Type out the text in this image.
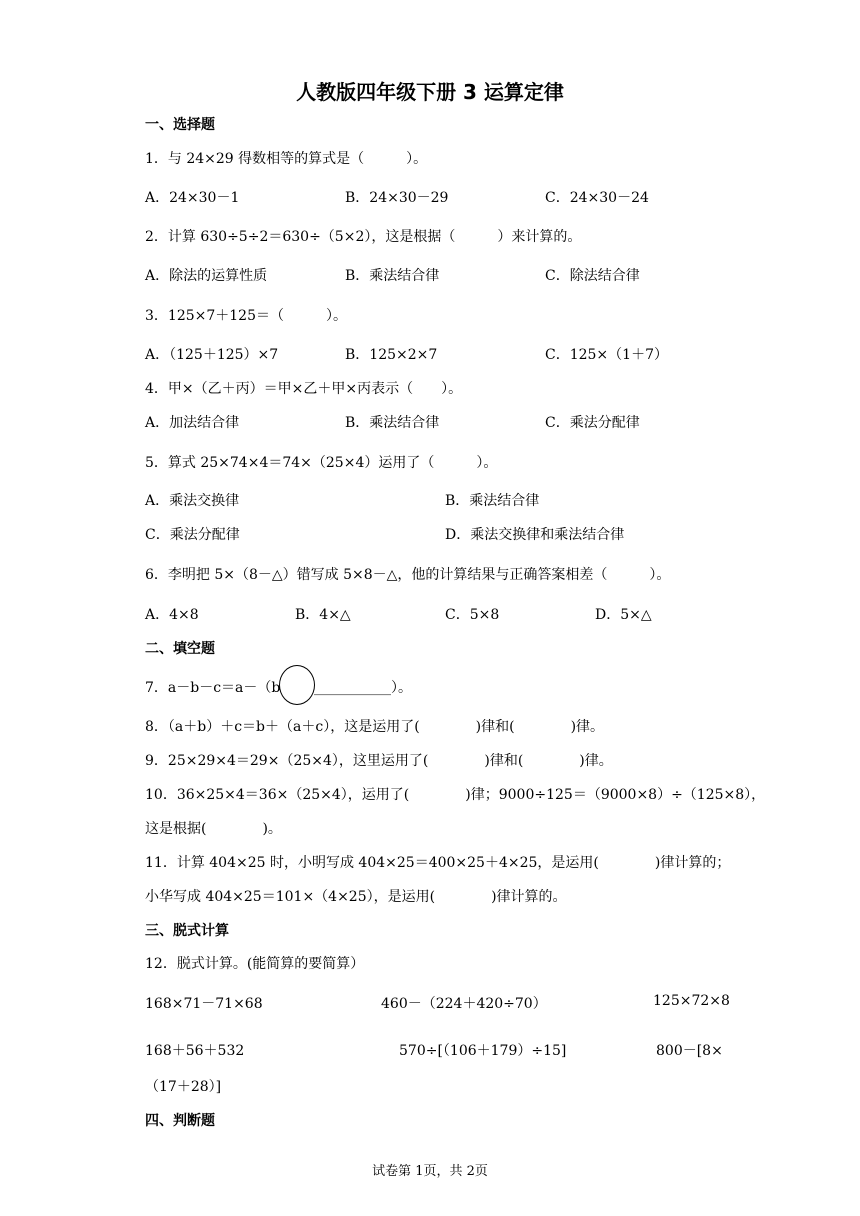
人教版四年级下册 3 运算定律
一、选择题
1．与 24×29 得数相等的算式是（　　　）。
A．24×30－1	B．24×30－29	C．24×30－24
2．计算 630÷5÷2＝630÷（5×2），这是根据（　　　）来计算的。
A．除法的运算性质	B．乘法结合律	C．除法结合律
3．125×7＋125＝（　　　）。
A．（125＋125）×7	B．125×2×7	C．125×（1＋7）
4．甲×（乙＋丙）＝甲×乙＋甲×丙表示（　　）。
A．加法结合律	B．乘法结合律	C．乘法分配律
5．算式 25×74×4＝74×（25×4）运用了（　　　）。
A．乘法交换律	B．乘法结合律
C．乘法分配律	D．乘法交换律和乘法结合律
6．李明把 5×（8－△）错写成 5×8－△，他的计算结果与正确答案相差（　　　）。
A．4×8	B．4×△	C．5×8	D．5×△
二、填空题
7．a－b－c＝a－（b ___________）。
8．（a＋b）＋c＝b＋（a＋c），这是运用了(　　　　)律和(　　　　)律。
9．25×29×4＝29×（25×4），这里运用了(　　　　)律和(　　　　)律。
10．36×25×4＝36×（25×4），运用了(　　　　)律；9000÷125＝（9000×8）÷（125×8），
这是根据(　　　　)。
11．计算 404×25 时，小明写成 404×25＝400×25＋4×25，是运用(　　　　)律计算的；
小华写成 404×25＝101×（4×25），是运用(　　　　)律计算的。
三、脱式计算
12．脱式计算。(能简算的要简算）
168×71－71×68	460－（224＋420÷70）	125×72×8
168＋56＋532	570÷[（106＋179）÷15]	800－[8×
（17＋28）]
四、判断题
试卷第 1页，共 2页
